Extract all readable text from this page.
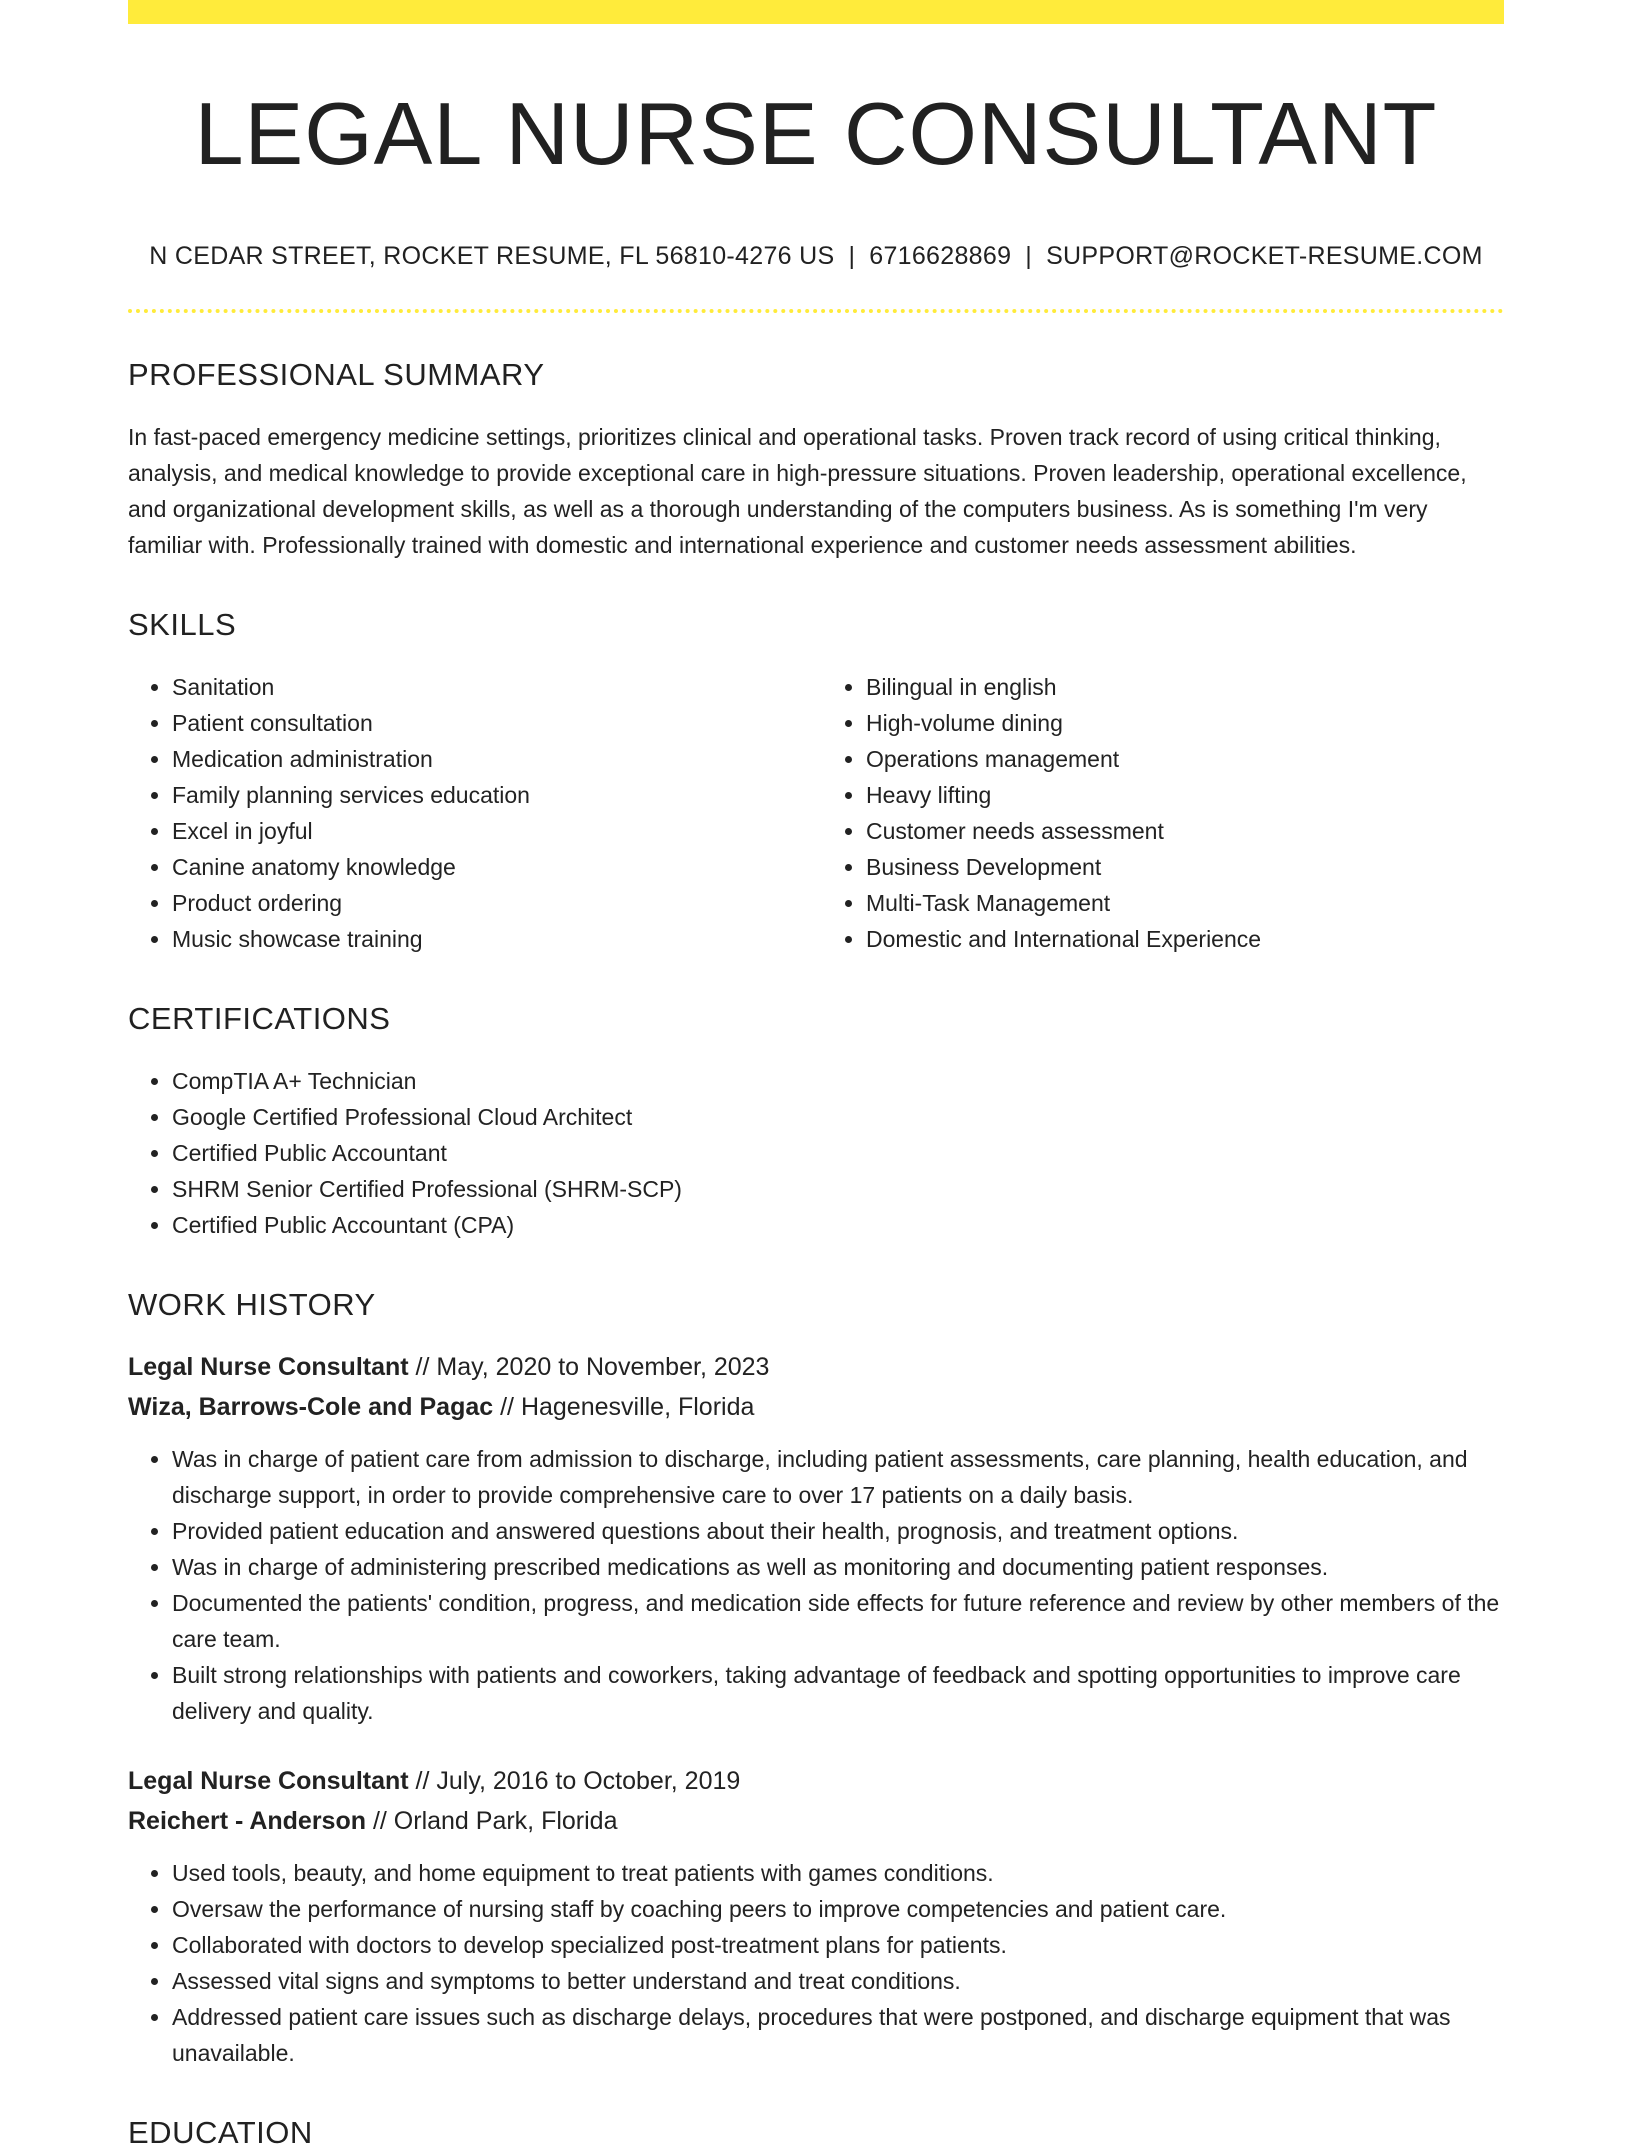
LEGAL NURSE CONSULTANT
N CEDAR STREET, ROCKET RESUME, FL 56810-4276 US | 6716628869 | SUPPORT@ROCKET-RESUME.COM
PROFESSIONAL SUMMARY

In fast-paced emergency medicine settings, prioritizes clinical and operational tasks. Proven track record of using critical thinking, analysis, and medical knowledge to provide exceptional care in high-pressure situations. Proven leadership, operational excellence, and organizational development skills, as well as a thorough understanding of the computers business. As is something I'm very familiar with. Professionally trained with domestic and international experience and customer needs assessment abilities.

SKILLS
• Sanitation
• Patient consultation
• Medication administration
• Family planning services education
• Excel in joyful
• Canine anatomy knowledge
• Product ordering
• Music showcase training
• Bilingual in english
• High-volume dining
• Operations management
• Heavy lifting
• Customer needs assessment
• Business Development
• Multi-Task Management
• Domestic and International Experience
CERTIFICATIONS
• CompTIA A+ Technician
• Google Certified Professional Cloud Architect
• Certified Public Accountant
• SHRM Senior Certified Professional (SHRM-SCP)
• Certified Public Accountant (CPA)
WORK HISTORY
Legal Nurse Consultant // May, 2020 to November, 2023
Wiza, Barrows-Cole and Pagac // Hagenesville, Florida
• Was in charge of patient care from admission to discharge, including patient assessments, care planning, health education, and discharge support, in order to provide comprehensive care to over 17 patients on a daily basis.
• Provided patient education and answered questions about their health, prognosis, and treatment options.
• Was in charge of administering prescribed medications as well as monitoring and documenting patient responses.
• Documented the patients' condition, progress, and medication side effects for future reference and review by other members of the care team.
• Built strong relationships with patients and coworkers, taking advantage of feedback and spotting opportunities to improve care delivery and quality.
Legal Nurse Consultant // July, 2016 to October, 2019
Reichert - Anderson // Orland Park, Florida
• Used tools, beauty, and home equipment to treat patients with games conditions.
• Oversaw the performance of nursing staff by coaching peers to improve competencies and patient care.
• Collaborated with doctors to develop specialized post-treatment plans for patients.
• Assessed vital signs and symptoms to better understand and treat conditions.
• Addressed patient care issues such as discharge delays, procedures that were postponed, and discharge equipment that was unavailable.
EDUCATION
